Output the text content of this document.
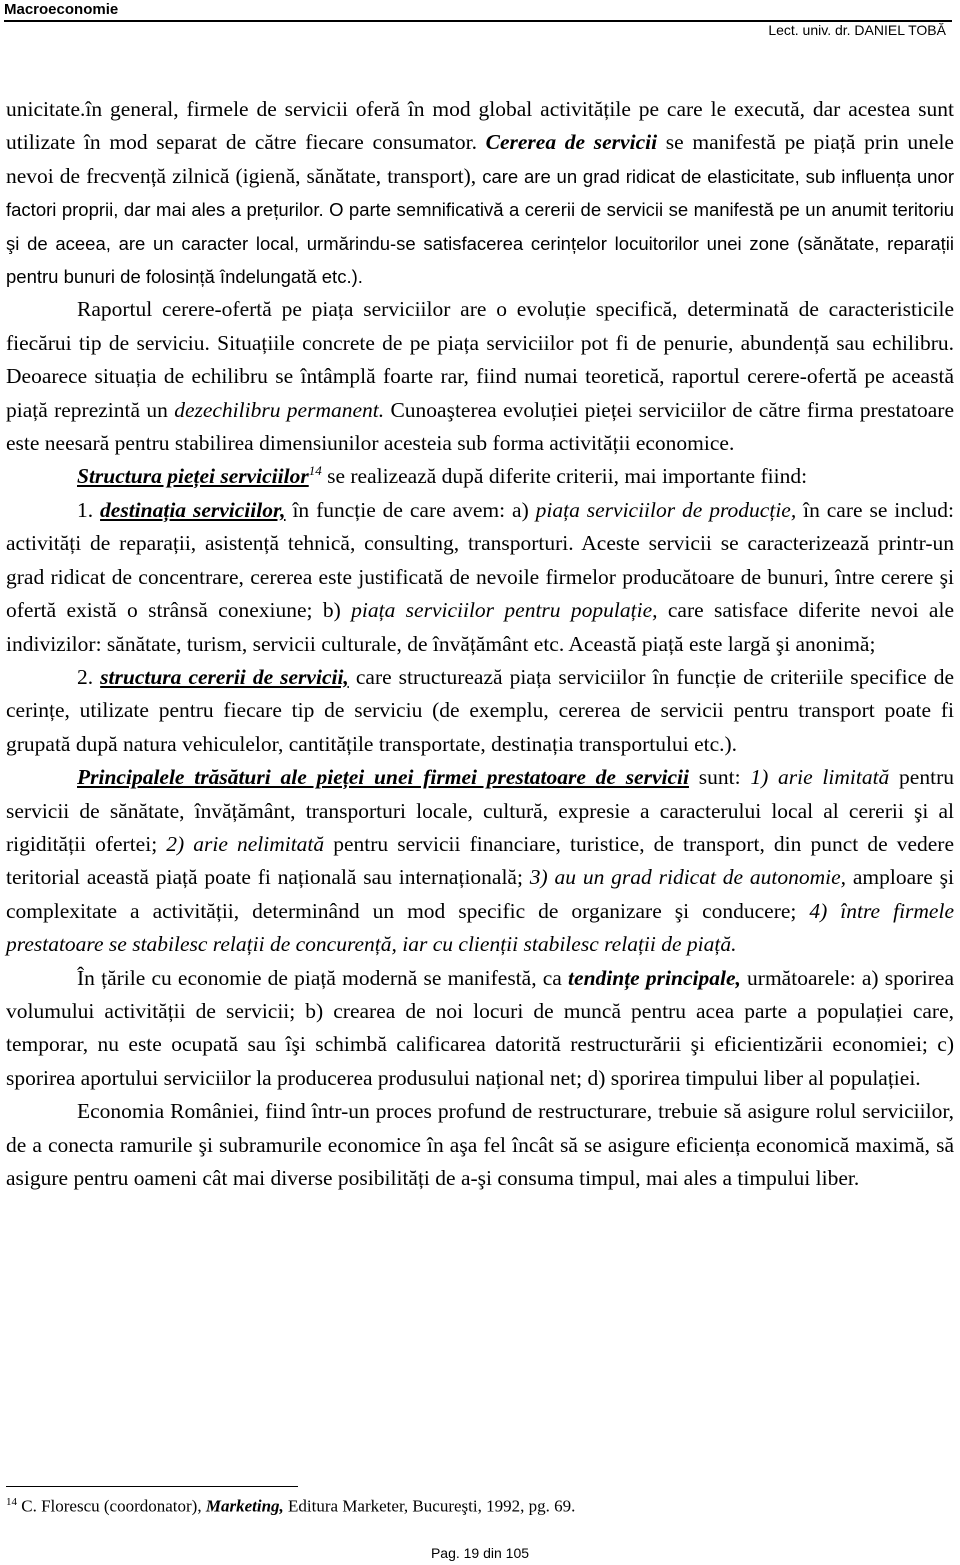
Macroeconomie
Lect. univ. dr. DANIEL TOBĂ

unicitate.în general, firmele de servicii oferă în mod global activitățile pe care le execută, dar acestea sunt utilizate în mod separat de către fiecare consumator. Cererea de servicii se manifestă pe piață prin unele nevoi de frecvență zilnică (igienă, sănătate, transport), care are un grad ridicat de elasticitate, sub influența unor factori proprii, dar mai ales a prețurilor. O parte semnificativă a cererii de servicii se manifestă pe un anumit teritoriu şi de aceea, are un caracter local, urmărindu-se satisfacerea cerințelor locuitorilor unei zone (sănătate, reparații pentru bunuri de folosință îndelungată etc.).

Raportul cerere-ofertă pe piața serviciilor are o evoluție specifică, determinată de caracteristicile fiecărui tip de serviciu. Situațiile concrete de pe piața serviciilor pot fi de penurie, abundență sau echilibru. Deoarece situația de echilibru se întâmplă foarte rar, fiind numai teoretică, raportul cerere-ofertă pe această piață reprezintă un dezechilibru permanent. Cunoaşterea evoluției pieței serviciilor de către firma prestatoare este neesară pentru stabilirea dimensiunilor acesteia sub forma activității economice.

Structura pieței serviciilor$^{14}$ se realizează după diferite criterii, mai importante fiind:

1. destinația serviciilor, în funcție de care avem: a) piața serviciilor de producție, în care se includ: activități de reparații, asistență tehnică, consulting, transporturi. Aceste servicii se caracterizează printr-un grad ridicat de concentrare, cererea este justificată de nevoile firmelor producătoare de bunuri, între cerere şi ofertă există o strânsă conexiune; b) piața serviciilor pentru populație, care satisface diferite nevoi ale indivizilor: sănătate, turism, servicii culturale, de învățământ etc. Această piață este largă şi anonimă;

2. structura cererii de servicii, care structurează piața serviciilor în funcție de criteriile specifice de cerințe, utilizate pentru fiecare tip de serviciu (de exemplu, cererea de servicii pentru transport poate fi grupată după natura vehiculelor, cantitățile transportate, destinația transportului etc.).

Principalele trăsături ale pieței unei firmei prestatoare de servicii sunt: 1) arie limitată pentru servicii de sănătate, învățământ, transporturi locale, cultură, expresie a caracterului local al cererii şi al rigidității ofertei; 2) arie nelimitată pentru servicii financiare, turistice, de transport, din punct de vedere teritorial această piață poate fi națională sau internațională; 3) au un grad ridicat de autonomie, amploare şi complexitate a activității, determinând un mod specific de organizare şi conducere; 4) între firmele prestatoare se stabilesc relații de concurență, iar cu clienții stabilesc relații de piață.

În țările cu economie de piață modernă se manifestă, ca tendințe principale, următoarele: a) sporirea volumului activității de servicii; b) crearea de noi locuri de muncă pentru acea parte a populației care, temporar, nu este ocupată sau îşi schimbă calificarea datorită restructurării şi eficientizării economiei; c) sporirea aportului serviciilor la producerea produsului național net; d) sporirea timpului liber al populației.

Economia României, fiind într-un proces profund de restructurare, trebuie să asigure rolul serviciilor, de a conecta ramurile şi subramurile economice în aşa fel încât să se asigure eficiența economică maximă, să asigure pentru oameni cât mai diverse posibilități de a-şi consuma timpul, mai ales a timpului liber.

$^{14}$ C. Florescu (coordonator), Marketing, Editura Marketer, Bucureşti, 1992, pg. 69.
Pag. 19 din 105
